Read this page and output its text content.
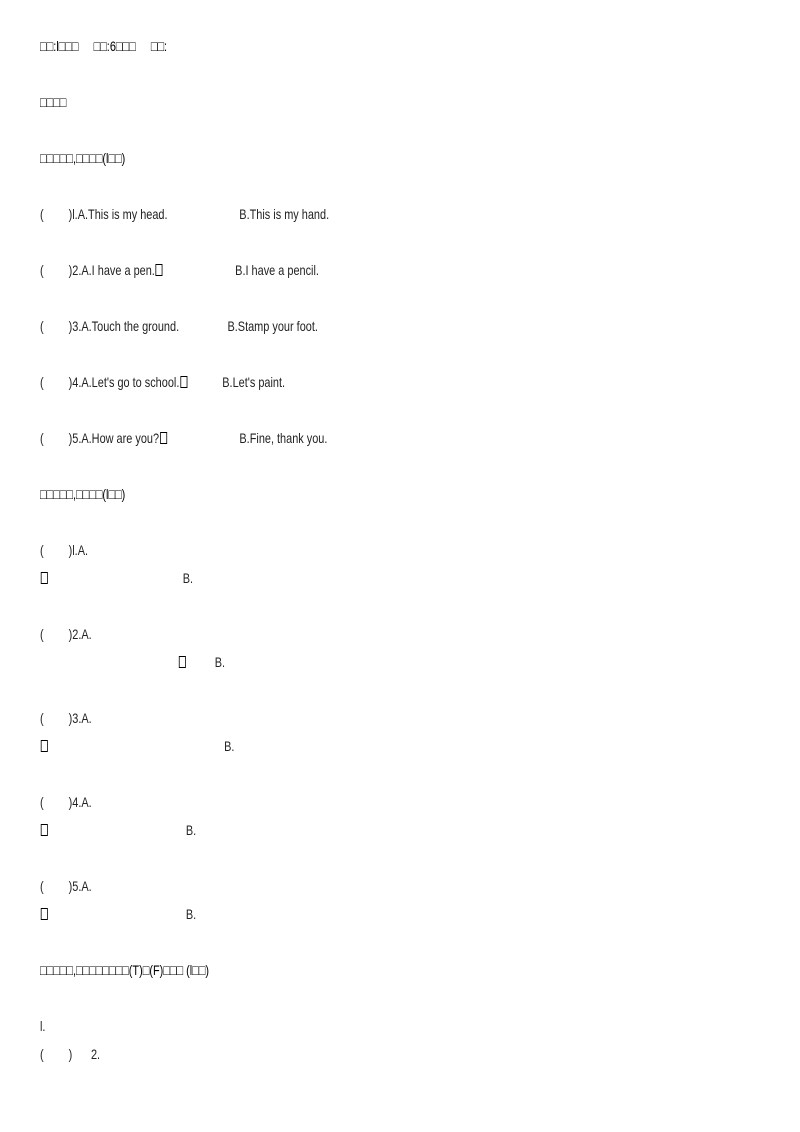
□□:l□□□     □□:6□□□     □□:
□□□□
□□□□□,□□□□(l□□)
( )l.A.This is my head.	B.This is my hand.
( )2.A.I have a pen.	B.I have a pencil.
( )3.A.Touch the ground.	B.Stamp your foot.
( )4.A.Let's go to school.	B.Let's paint.
( )5.A.How are you?	B.Fine, thank you.
□□□□□,□□□□(l□□)
( )l.A.
B.
( )2.A.
B.
( )3.A.
B.
( )4.A.
B.
( )5.A.
B.
□□□□□,□□□□□□□□(T)□(F)□□□ (l□□)
l.
( ) 2.
